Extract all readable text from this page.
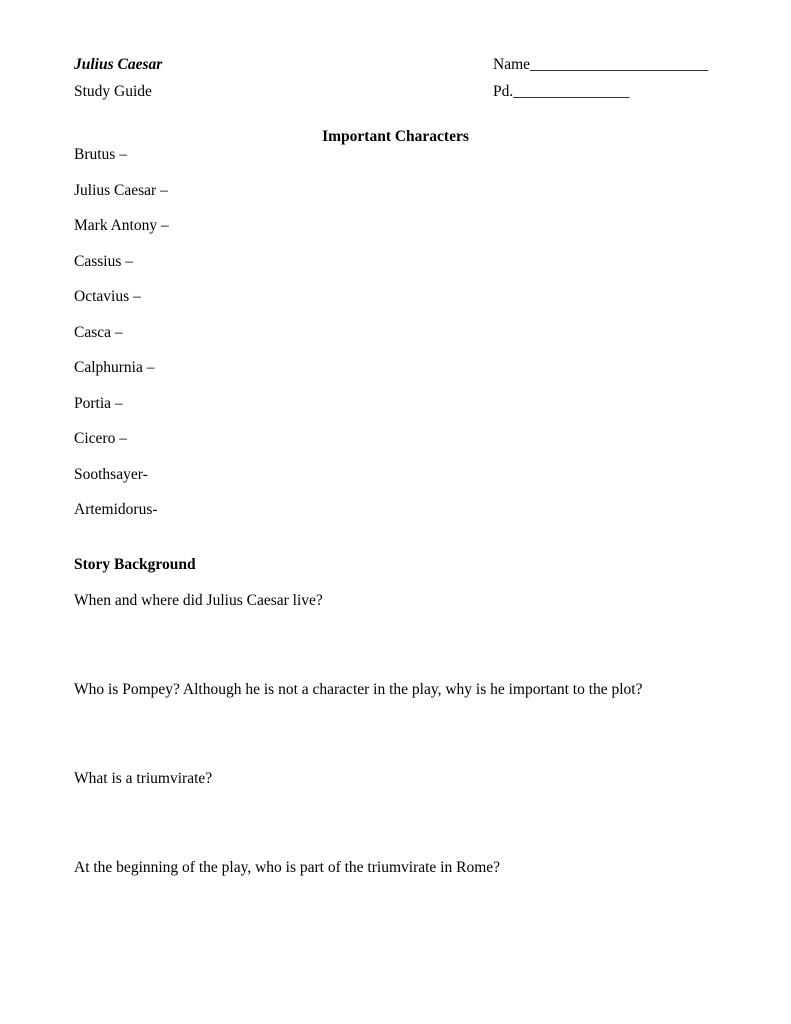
Julius Caesar
Study Guide
Name_______________________
Pd._______________
Important Characters
Brutus –
Julius Caesar –
Mark Antony –
Cassius –
Octavius –
Casca –
Calphurnia –
Portia –
Cicero –
Soothsayer-
Artemidorus-
Story Background
When and where did Julius Caesar live?
Who is Pompey? Although he is not a character in the play, why is he important to the plot?
What is a triumvirate?
At the beginning of the play, who is part of the triumvirate in Rome?
